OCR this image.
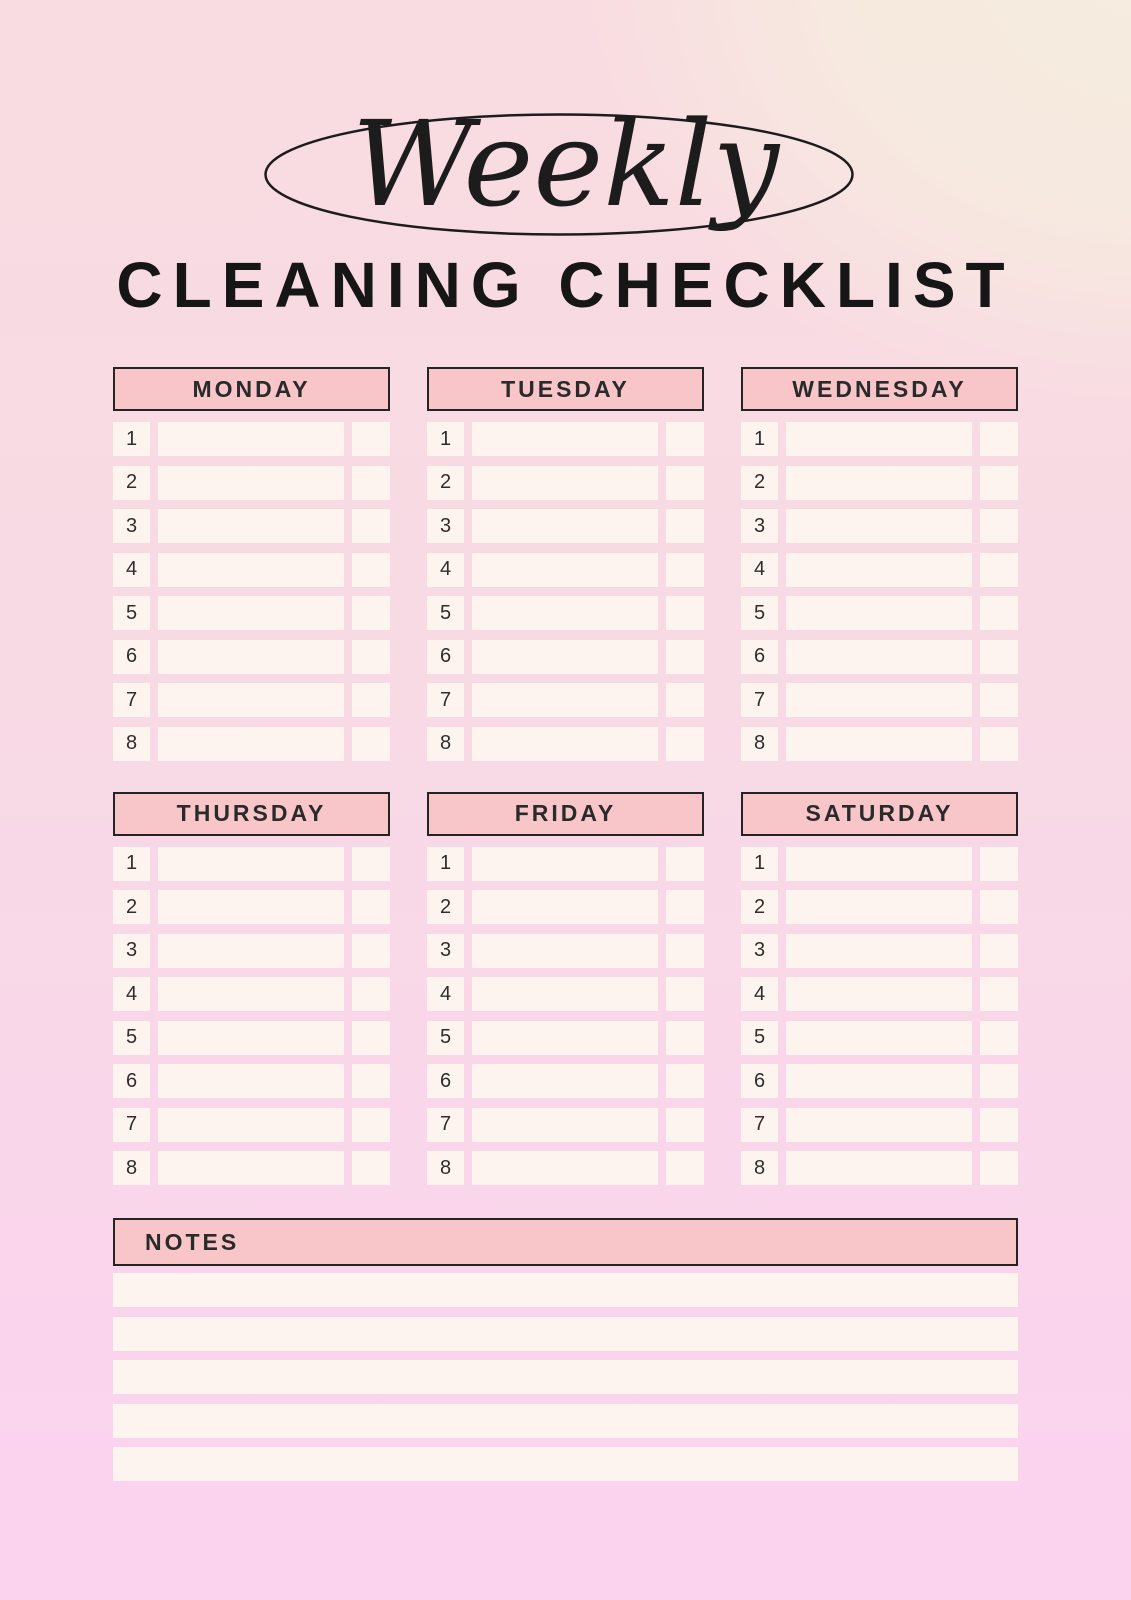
Weekly
CLEANING CHECKLIST
MONDAY
1
2
3
4
5
6
7
8
TUESDAY
1
2
3
4
5
6
7
8
WEDNESDAY
1
2
3
4
5
6
7
8
THURSDAY
1
2
3
4
5
6
7
8
FRIDAY
1
2
3
4
5
6
7
8
SATURDAY
1
2
3
4
5
6
7
8
NOTES
